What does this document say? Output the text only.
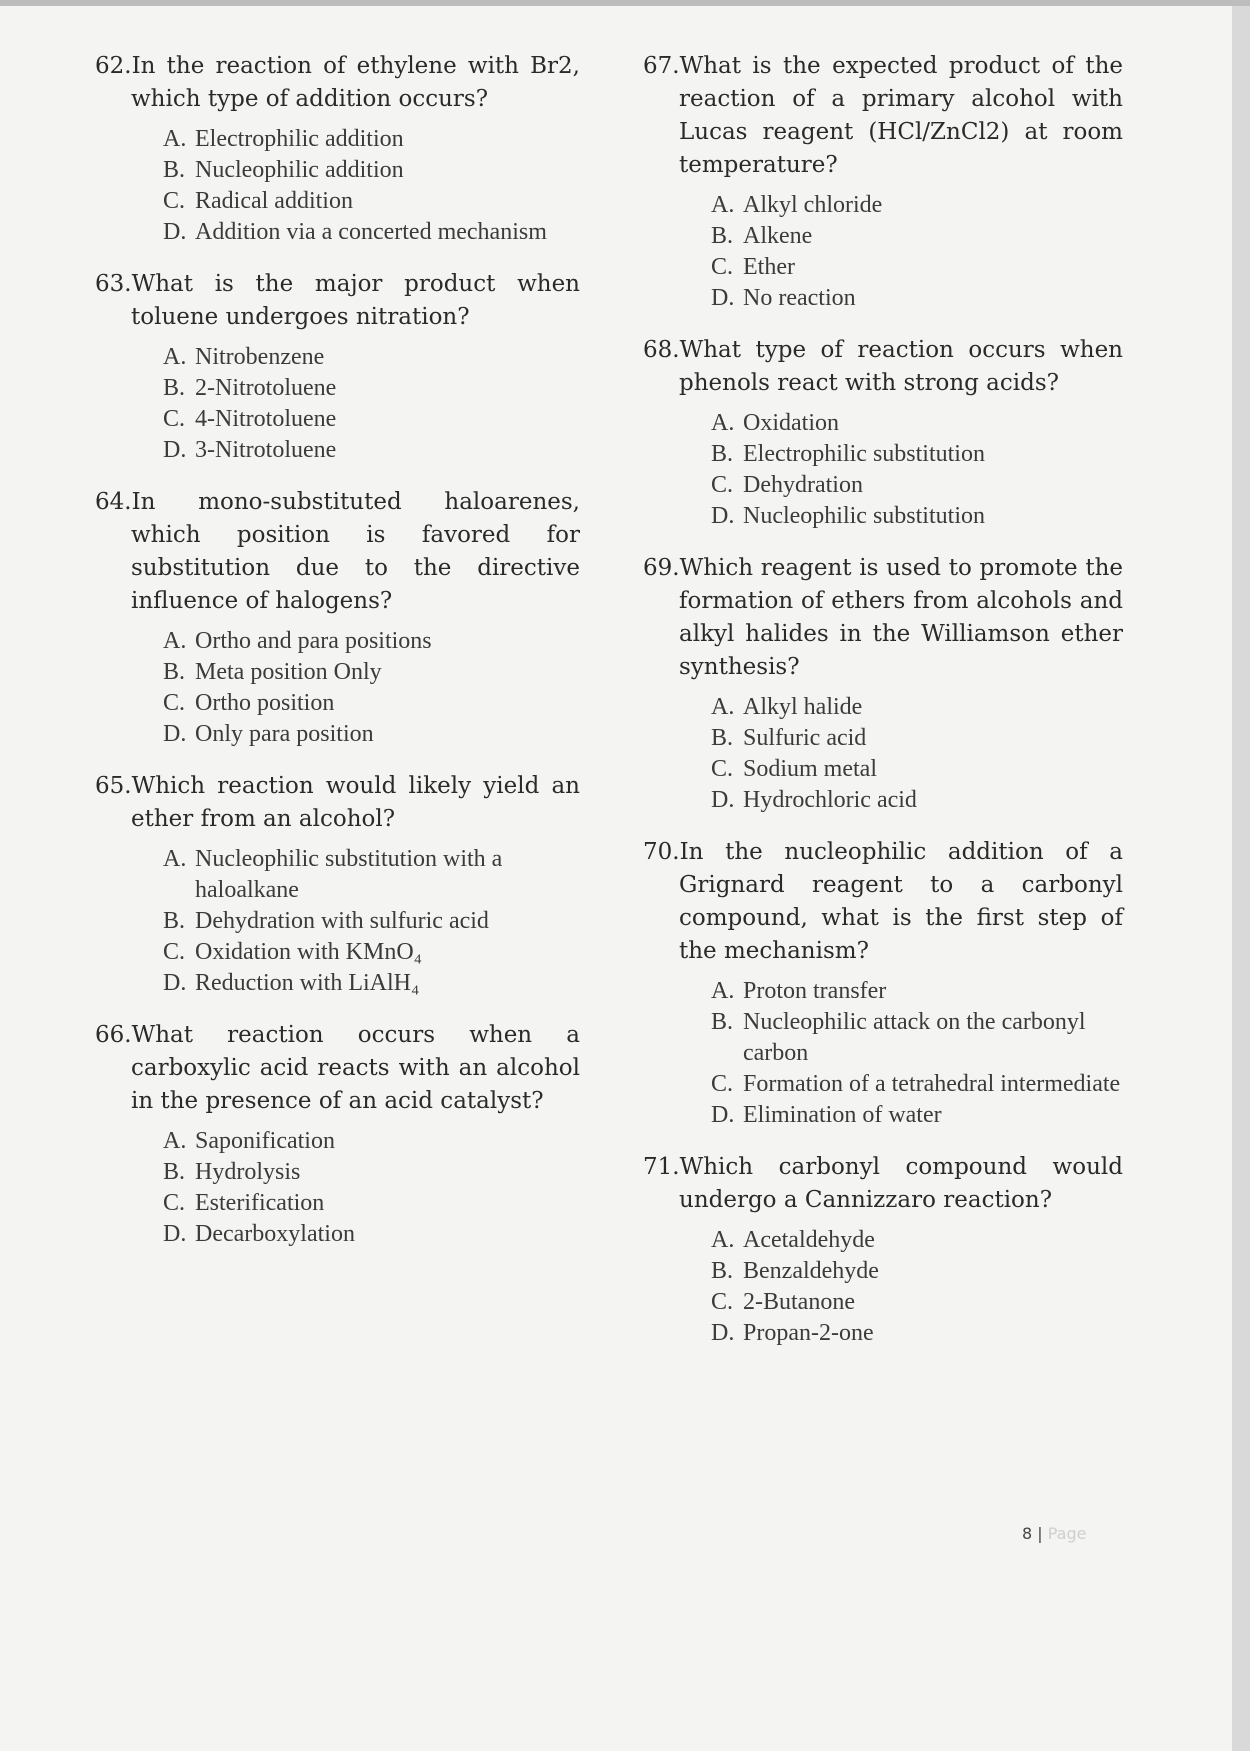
62.In the reaction of ethylene with Br2, which type of addition occurs?

A. Electrophilic addition
B. Nucleophilic addition
C. Radical addition
D. Addition via a concerted mechanism

63.What is the major product when toluene undergoes nitration?

A. Nitrobenzene
B. 2-Nitrotoluene
C. 4-Nitrotoluene
D. 3-Nitrotoluene

64.In mono-substituted haloarenes, which position is favored for substitution due to the directive influence of halogens?

A. Ortho and para positions
B. Meta position Only
C. Ortho position
D. Only para position

65.Which reaction would likely yield an ether from an alcohol?

A. Nucleophilic substitution with a haloalkane
B. Dehydration with sulfuric acid
C. Oxidation with KMnO₄
D. Reduction with LiAlH₄

66.What reaction occurs when a carboxylic acid reacts with an alcohol in the presence of an acid catalyst?

A. Saponification
B. Hydrolysis
C. Esterification
D. Decarboxylation

67.What is the expected product of the reaction of a primary alcohol with Lucas reagent (HCl/ZnCl2) at room temperature?

A. Alkyl chloride
B. Alkene
C. Ether
D. No reaction

68.What type of reaction occurs when phenols react with strong acids?

A. Oxidation
B. Electrophilic substitution
C. Dehydration
D. Nucleophilic substitution

69.Which reagent is used to promote the formation of ethers from alcohols and alkyl halides in the Williamson ether synthesis?

A. Alkyl halide
B. Sulfuric acid
C. Sodium metal
D. Hydrochloric acid

70.In the nucleophilic addition of a Grignard reagent to a carbonyl compound, what is the first step of the mechanism?

A. Proton transfer
B. Nucleophilic attack on the carbonyl carbon
C. Formation of a tetrahedral intermediate
D. Elimination of water

71.Which carbonyl compound would undergo a Cannizzaro reaction?

A. Acetaldehyde
B. Benzaldehyde
C. 2-Butanone
D. Propan-2-one
8 | Page
